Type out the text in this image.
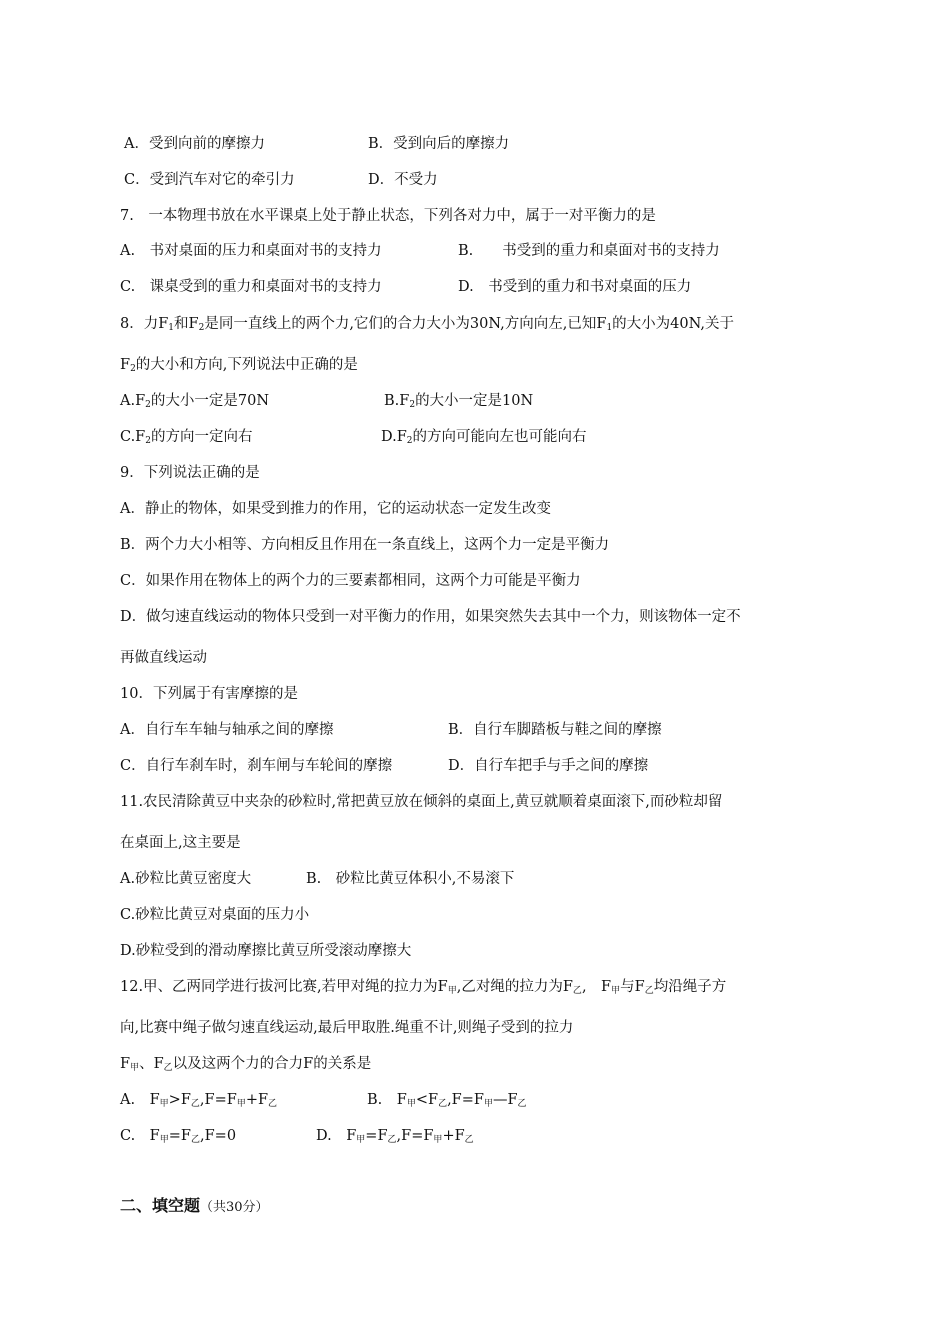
A．受到向前的摩擦力	B．受到向后的摩擦力
C．受到汽车对它的牵引力	D．不受力
7.　一本物理书放在水平课桌上处于静止状态，下列各对力中，属于一对平衡力的是
A.　书对桌面的压力和桌面对书的支持力	B.　　书受到的重力和桌面对书的支持力
C.　课桌受到的重力和桌面对书的支持力	D.　书受到的重力和书对桌面的压力
8．力$F_1$和$F_2$是同一直线上的两个力,它们的合力大小为30N,方向向左,已知$F_1$的大小为40N,关于
$F_2$的大小和方向,下列说法中正确的是
$A.F_2$的大小一定是70N	$B.F_2$的大小一定是10N
$C.F_2$的方向一定向右	$D.F_2$的方向可能向左也可能向右
9．下列说法正确的是
A．静止的物体，如果受到推力的作用，它的运动状态一定发生改变
B．两个力大小相等、方向相反且作用在一条直线上，这两个力一定是平衡力
C．如果作用在物体上的两个力的三要素都相同，这两个力可能是平衡力
D．做匀速直线运动的物体只受到一对平衡力的作用，如果突然失去其中一个力，则该物体一定不
再做直线运动
10．下列属于有害摩擦的是
A．自行车车轴与轴承之间的摩擦	B．自行车脚踏板与鞋之间的摩擦
C．自行车刹车时，刹车闸与车轮间的摩擦	D．自行车把手与手之间的摩擦
11.农民清除黄豆中夹杂的砂粒时,常把黄豆放在倾斜的桌面上,黄豆就顺着桌面滚下,而砂粒却留
在桌面上,这主要是
A.砂粒比黄豆密度大	B.　砂粒比黄豆体积小,不易滚下
C.砂粒比黄豆对桌面的压力小
D.砂粒受到的滑动摩擦比黄豆所受滚动摩擦大
12.甲、乙两同学进行拔河比赛,若甲对绳的拉力为$F_甲$,乙对绳的拉力为$F_乙$,　$F_甲$与$F_乙$均沿绳子方
向,比赛中绳子做匀速直线运动,最后甲取胜.绳重不计,则绳子受到的拉力
$F_甲$、$F_乙$以及这两个力的合力F的关系是
A.　$F_甲>F_乙,F=F_甲+F_乙$	B.　$F_甲<F_乙,F=F_甲—F_乙$
C.　$F_甲=F_乙,F=0$	D.　$F_甲=F_乙,F=F_甲+F_乙$
二、填空题（共30分）
